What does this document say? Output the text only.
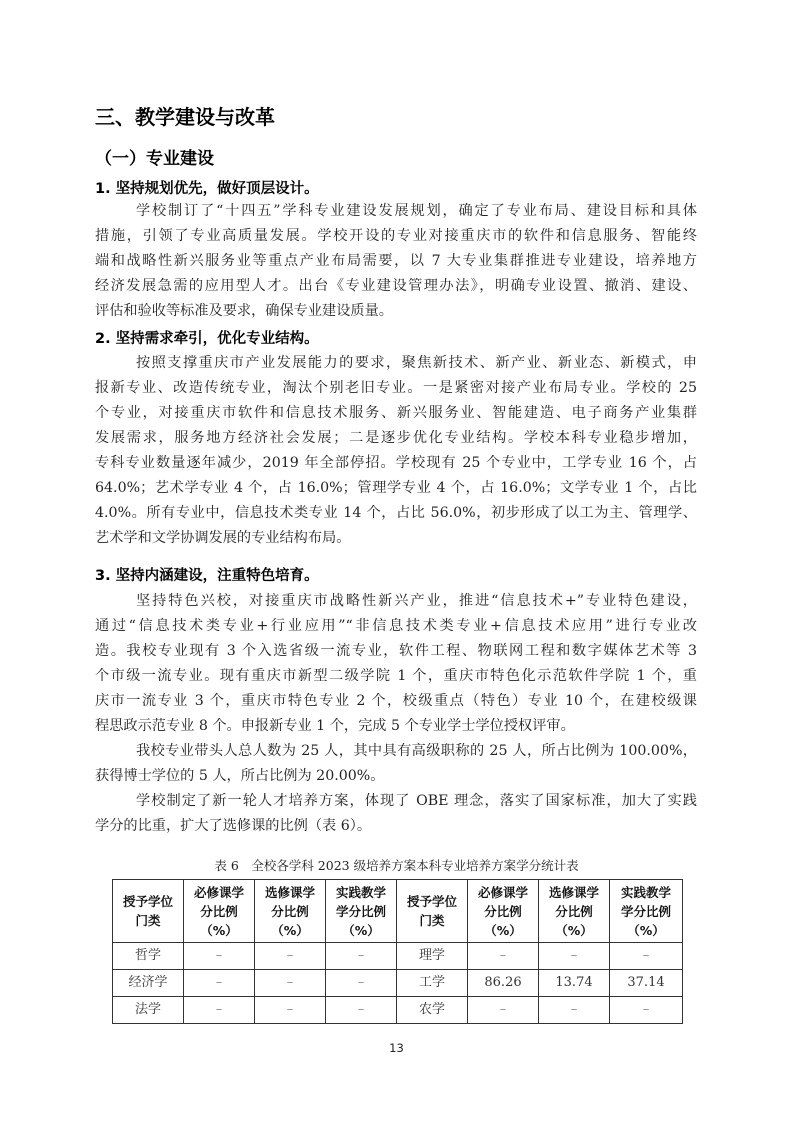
三、教学建设与改革
（一）专业建设
1. 坚持规划优先，做好顶层设计。
学校制订了“十四五”学科专业建设发展规划，确定了专业布局、建设目标和具体
措施，引领了专业高质量发展。学校开设的专业对接重庆市的软件和信息服务、智能终
端和战略性新兴服务业等重点产业布局需要，以 7 大专业集群推进专业建设，培养地方
经济发展急需的应用型人才。出台《专业建设管理办法》，明确专业设置、撤消、建设、
评估和验收等标准及要求，确保专业建设质量。
2. 坚持需求牵引，优化专业结构。
按照支撑重庆市产业发展能力的要求，聚焦新技术、新产业、新业态、新模式，申
报新专业、改造传统专业，淘汰个别老旧专业。一是紧密对接产业布局专业。学校的 25
个专业，对接重庆市软件和信息技术服务、新兴服务业、智能建造、电子商务产业集群
发展需求，服务地方经济社会发展；二是逐步优化专业结构。学校本科专业稳步增加，
专科专业数量逐年减少，2019 年全部停招。学校现有 25 个专业中，工学专业 16 个，占
64.0%；艺术学专业 4 个，占 16.0%；管理学专业 4 个，占 16.0%；文学专业 1 个，占比
4.0%。所有专业中，信息技术类专业 14 个，占比 56.0%，初步形成了以工为主、管理学、
艺术学和文学协调发展的专业结构布局。
3. 坚持内涵建设，注重特色培育。
坚持特色兴校，对接重庆市战略性新兴产业，推进“信息技术+”专业特色建设，
通过“信息技术类专业+行业应用”“非信息技术类专业+信息技术应用”进行专业改
造。我校专业现有 3 个入选省级一流专业，软件工程、物联网工程和数字媒体艺术等 3
个市级一流专业。现有重庆市新型二级学院 1 个，重庆市特色化示范软件学院 1 个，重
庆市一流专业 3 个，重庆市特色专业 2 个，校级重点（特色）专业 10 个，在建校级课
程思政示范专业 8 个。申报新专业 1 个，完成 5 个专业学士学位授权评审。
我校专业带头人总人数为 25 人，其中具有高级职称的 25 人，所占比例为 100.00%，
获得博士学位的 5 人，所占比例为 20.00%。
学校制定了新一轮人才培养方案，体现了 OBE 理念，落实了国家标准，加大了实践
学分的比重，扩大了选修课的比例（表 6）。
表 6　全校各学科 2023 级培养方案本科专业培养方案学分统计表
授予学位
门类	必修课学
分比例
（%）	选修课学
分比例
（%）	实践教学
学分比例
（%）	授予学位
门类	必修课学
分比例
（%）	选修课学
分比例
（%）	实践教学
学分比例
（%）

哲学	–	–	–	理学	–	–	–
经济学	–	–	–	工学	86.26	13.74	37.14
法学	–	–	–	农学	–	–	–
13
